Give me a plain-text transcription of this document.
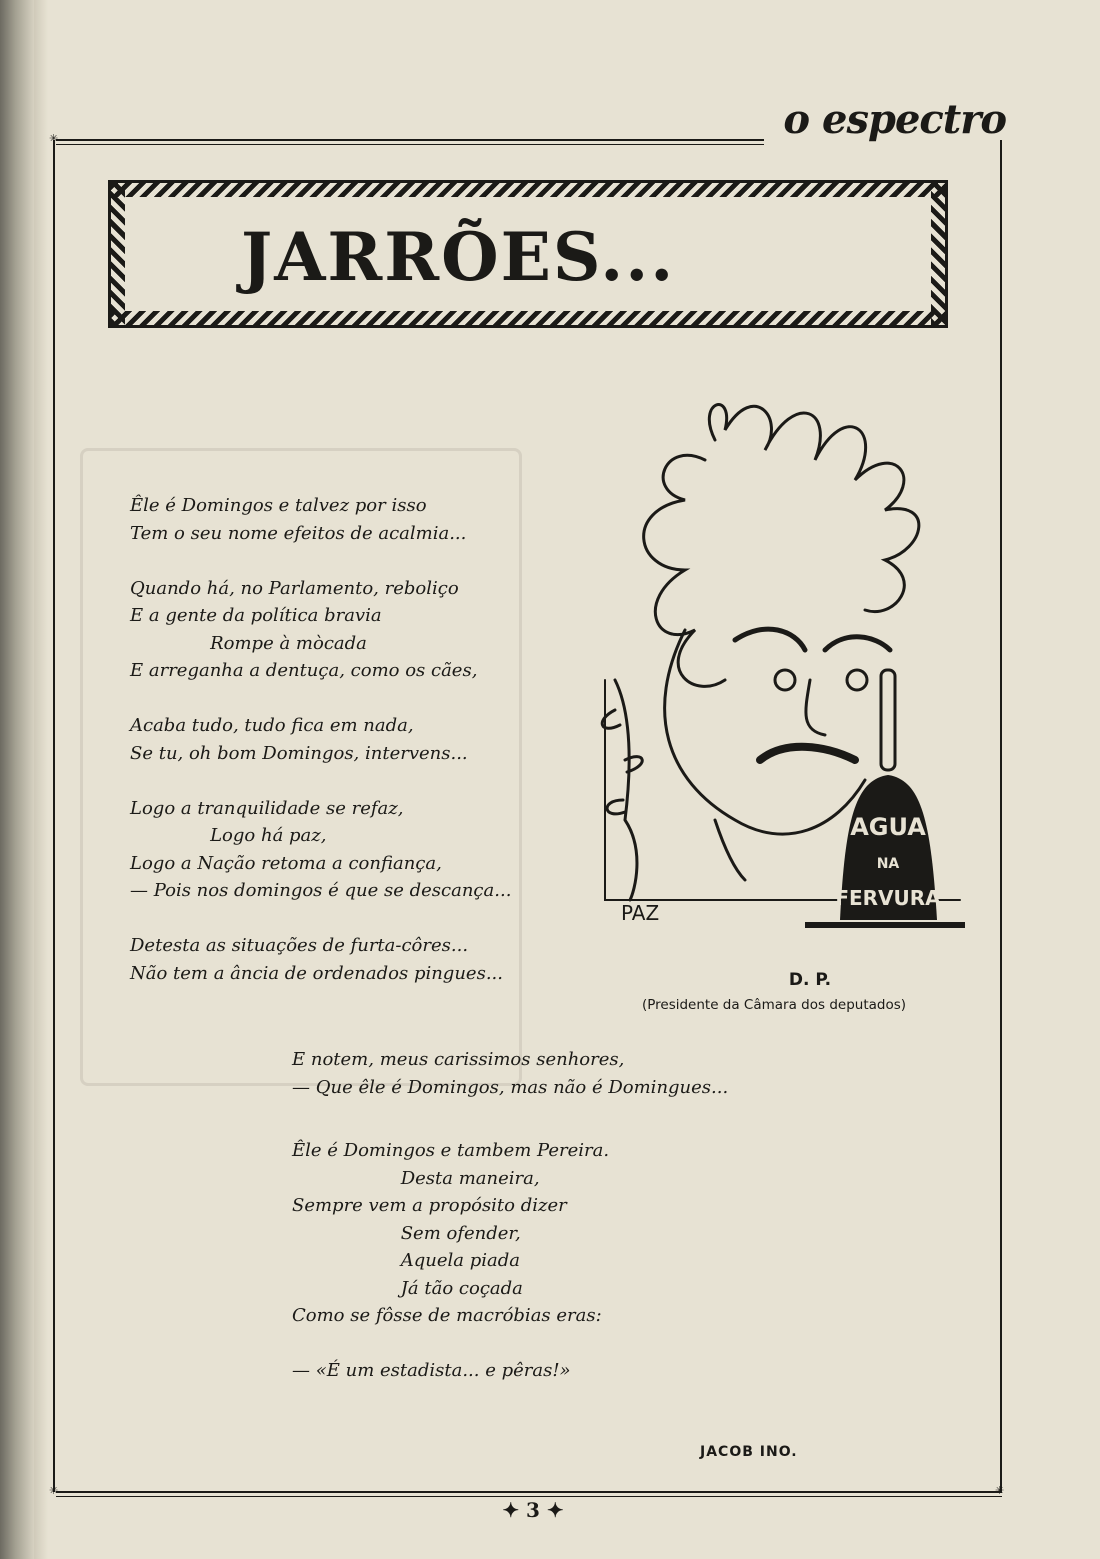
o espectro
✳
✳	✳
JARRÕES...
Êle é Domingos e talvez por isso
Tem o seu nome efeitos de acalmia...

Quando há, no Parlamento, reboliço
E a gente da política bravia
Rompe à mòcada
E arreganha a dentuça, como os cães,

Acaba tudo, tudo fica em nada,
Se tu, oh bom Domingos, intervens...

Logo a tranquilidade se refaz,
Logo há paz,
Logo a Nação retoma a confiança,
— Pois nos domingos é que se descança...

Detesta as situações de furta-côres...
Não tem a ância de ordenados pingues...
E notem, meus carissimos senhores,
— Que êle é Domingos, mas não é Domingues...
Êle é Domingos e tambem Pereira.
Desta maneira,
Sempre vem a propósito dizer
Sem ofender,
Aquela piada
Já tão coçada
Como se fôsse de macróbias eras:

— «É um estadista... e pêras!»
AGUA
NA
FERVURA
PAZ
D. P.
(Presidente da Câmara dos deputados)
JACOB INO.
✦ 3 ✦
